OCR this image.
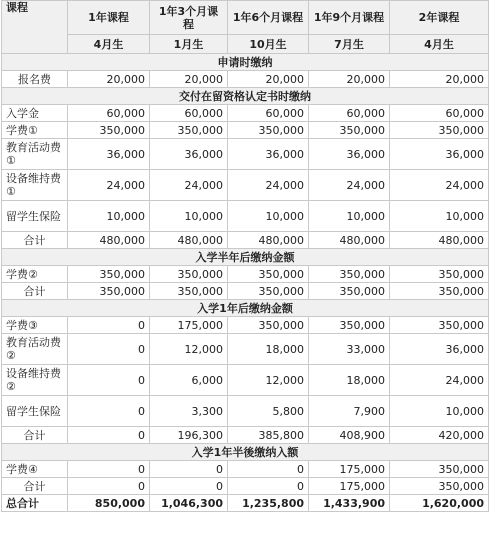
课程	1年课程	1年3个月课程	1年6个月课程	1年9个月课程	2年课程
	4月生	1月生	10月生	7月生	4月生
申请时缴纳					
报名费	20,000	20,000	20,000	20,000	20,000
交付在留资格认定书时缴纳					
入学金	60,000	60,000	60,000	60,000	60,000
学费①	350,000	350,000	350,000	350,000	350,000
教育活动费①	36,000	36,000	36,000	36,000	36,000
设备维持费①	24,000	24,000	24,000	24,000	24,000
留学生保险	10,000	10,000	10,000	10,000	10,000
合计	480,000	480,000	480,000	480,000	480,000
入学半年后缴纳金额					
学费②	350,000	350,000	350,000	350,000	350,000
合计	350,000	350,000	350,000	350,000	350,000
入学1年后缴纳金额					
学费③	0	175,000	350,000	350,000	350,000
教育活动费②	0	12,000	18,000	33,000	36,000
设备维持费②	0	6,000	12,000	18,000	24,000
留学生保险	0	3,300	5,800	7,900	10,000
合计	0	196,300	385,800	408,900	420,000
入学1年半後缴纳入额					
学费④	0	0	0	175,000	350,000
合计	0	0	0	175,000	350,000
总合计	850,000	1,046,300	1,235,800	1,433,900	1,620,000
